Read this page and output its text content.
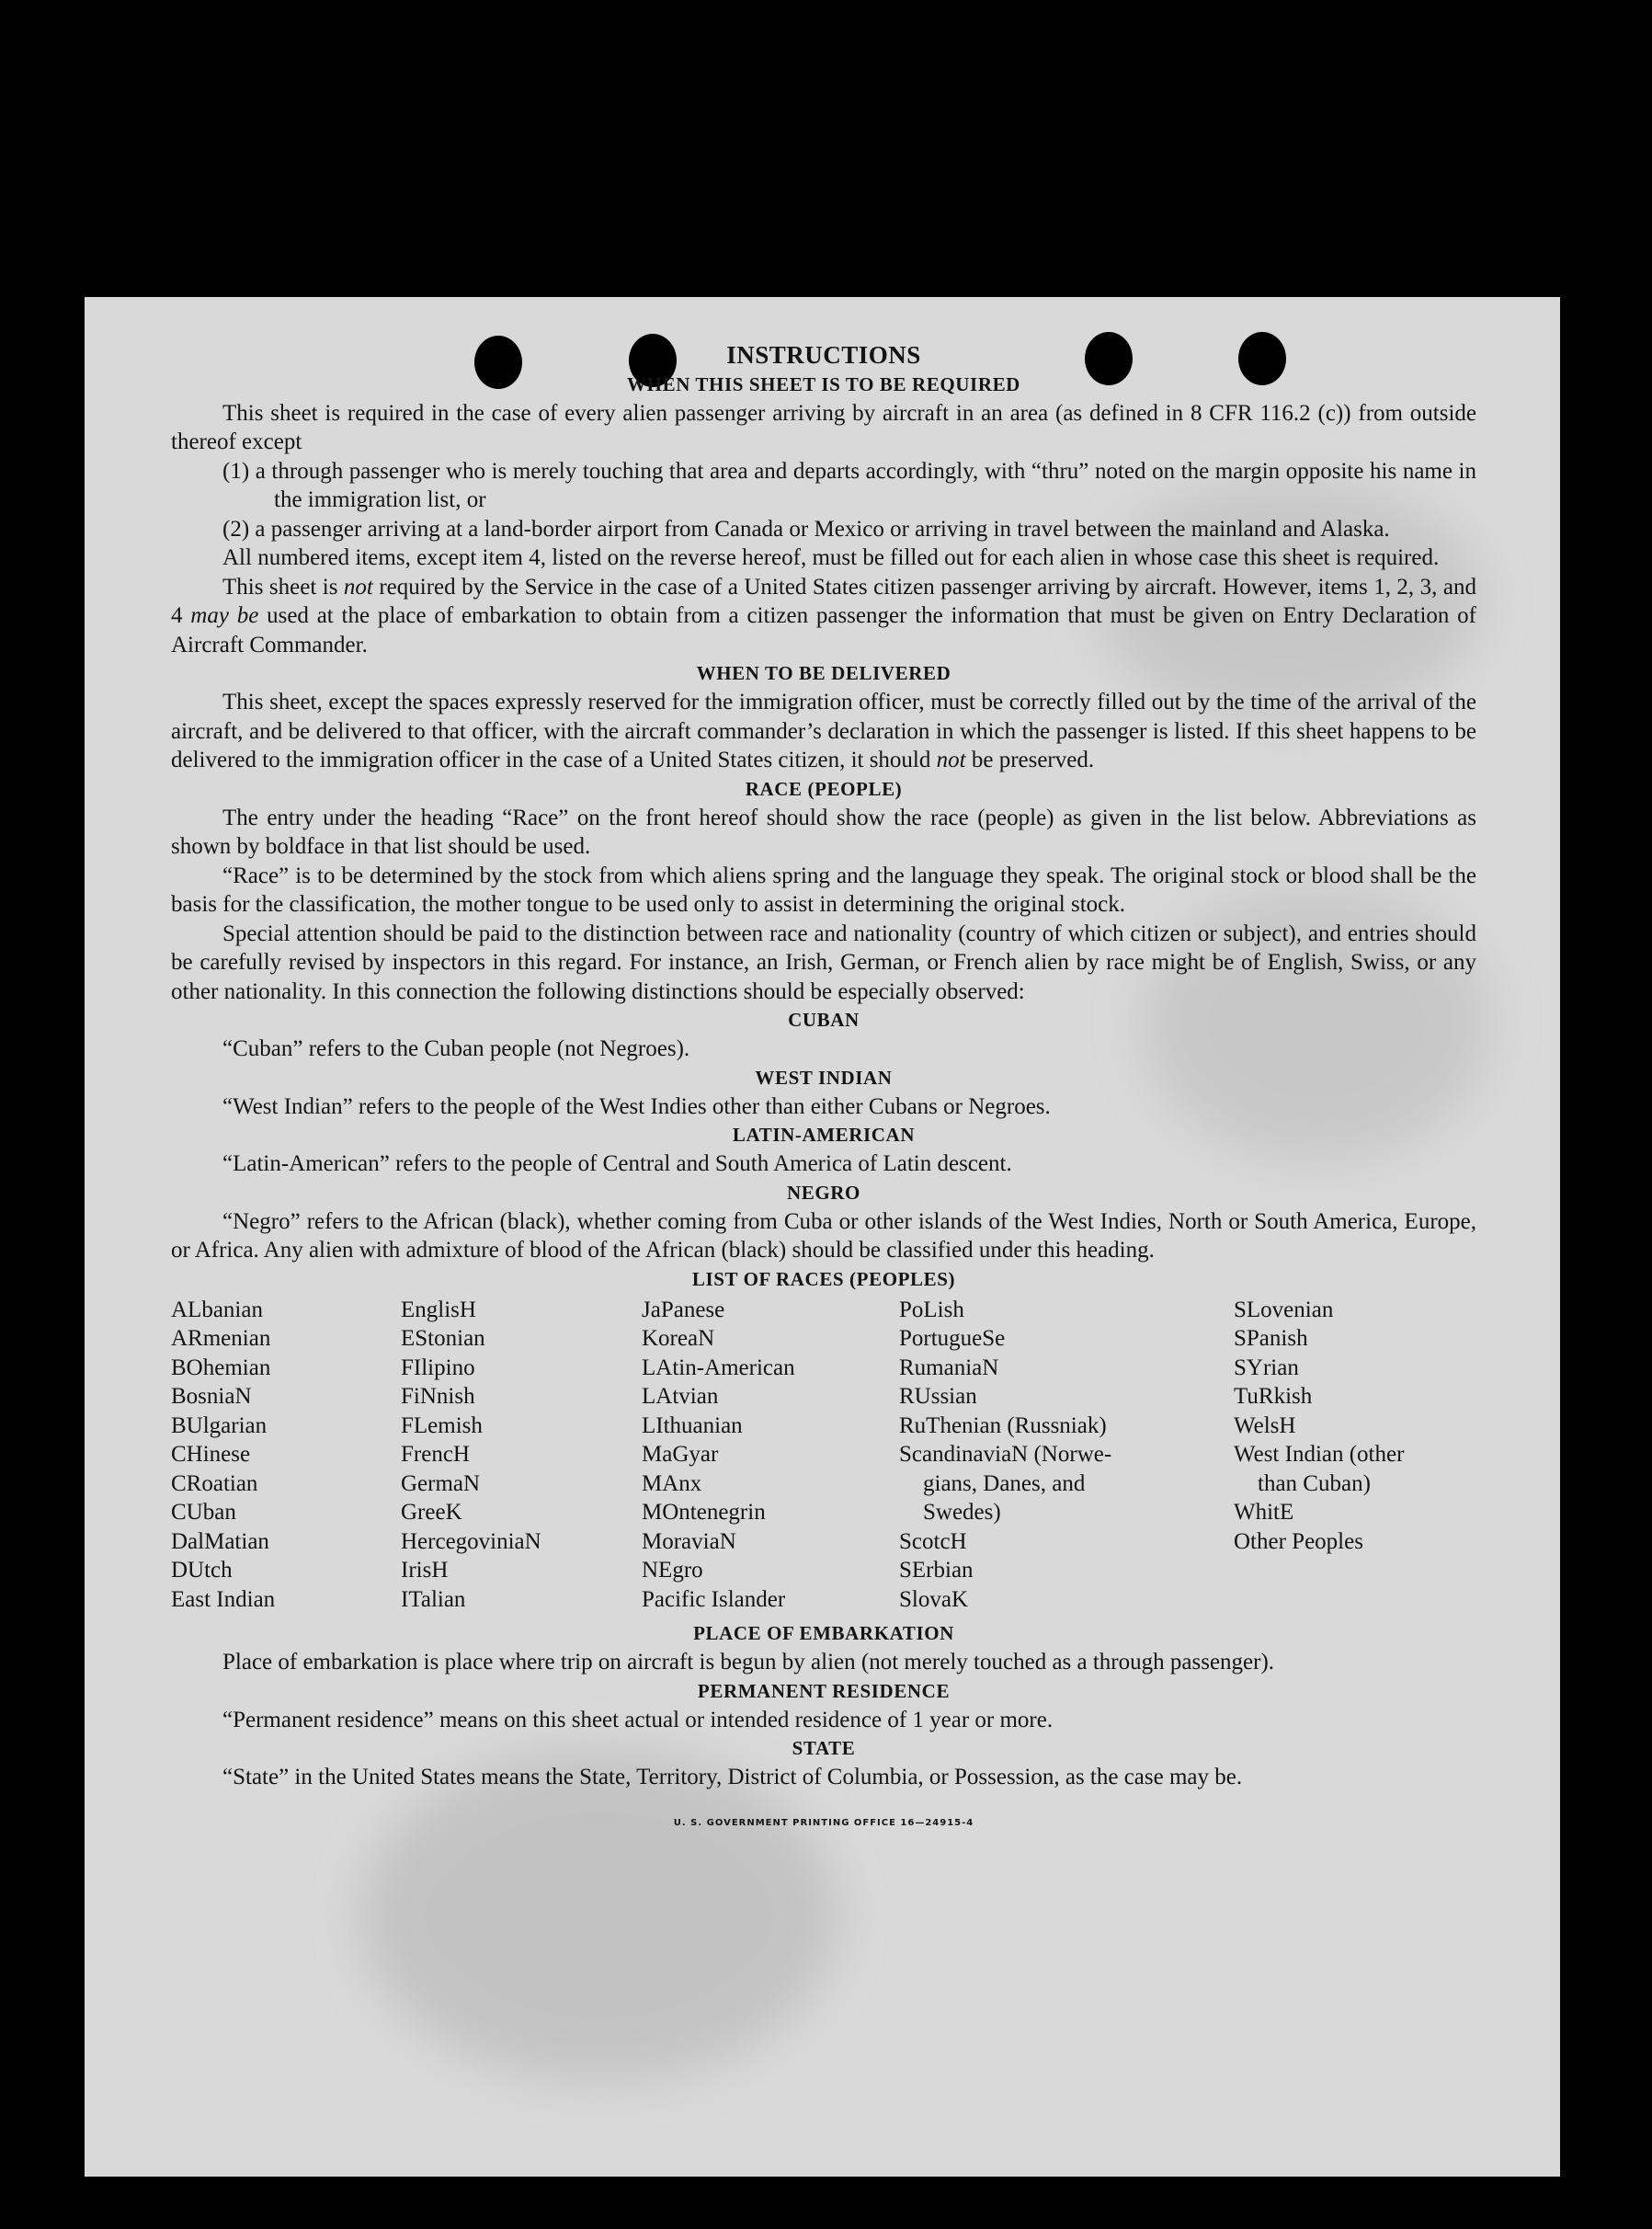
INSTRUCTIONS
WHEN THIS SHEET IS TO BE REQUIRED

This sheet is required in the case of every alien passenger arriving by aircraft in an area (as defined in 8 CFR 116.2 (c)) from outside thereof except

(1) a through passenger who is merely touching that area and departs accordingly, with “thru” noted on the margin opposite his name in the immigration list, or

(2) a passenger arriving at a land-border airport from Canada or Mexico or arriving in travel between the mainland and Alaska.

All numbered items, except item 4, listed on the reverse hereof, must be filled out for each alien in whose case this sheet is required.

This sheet is not required by the Service in the case of a United States citizen passenger arriving by aircraft. However, items 1, 2, 3, and 4 may be used at the place of embarkation to obtain from a citizen passenger the information that must be given on Entry Declaration of Aircraft Commander.

WHEN TO BE DELIVERED

This sheet, except the spaces expressly reserved for the immigration officer, must be correctly filled out by the time of the arrival of the aircraft, and be delivered to that officer, with the aircraft commander’s declaration in which the passenger is listed. If this sheet happens to be delivered to the immigration officer in the case of a United States citizen, it should not be preserved.

RACE (PEOPLE)

The entry under the heading “Race” on the front hereof should show the race (people) as given in the list below. Abbreviations as shown by boldface in that list should be used.

“Race” is to be determined by the stock from which aliens spring and the language they speak. The original stock or blood shall be the basis for the classification, the mother tongue to be used only to assist in determining the original stock.

Special attention should be paid to the distinction between race and nationality (country of which citizen or subject), and entries should be carefully revised by inspectors in this regard. For instance, an Irish, German, or French alien by race might be of English, Swiss, or any other nationality. In this connection the following distinctions should be especially observed:

CUBAN

“Cuban” refers to the Cuban people (not Negroes).

WEST INDIAN

“West Indian” refers to the people of the West Indies other than either Cubans or Negroes.

LATIN-AMERICAN

“Latin-American” refers to the people of Central and South America of Latin descent.

NEGRO

“Negro” refers to the African (black), whether coming from Cuba or other islands of the West Indies, North or South America, Europe, or Africa. Any alien with admixture of blood of the African (black) should be classified under this heading.

LIST OF RACES (PEOPLES)
ALbanian
ARmenian
BOhemian
BosniaN
BUlgarian
CHinese
CRoatian
CUban
DalMatian
DUtch
East Indian
EnglisH
EStonian
FIlipino
FiNnish
FLemish
FrencH
GermaN
GreeK
HercegoviniaN
IrisH
ITalian
JaPanese
KoreaN
LAtin-American
LAtvian
LIthuanian
MaGyar
MAnx
MOntenegrin
MoraviaN
NEgro
Pacific Islander
PoLish
PortugueSe
RumaniaN
RUssian
RuThenian (Russniak)
ScandinaviaN (Norwe-
gians, Danes, and
Swedes)
ScotcH
SErbian
SlovaK
SLovenian
SPanish
SYrian
TuRkish
WelsH
West Indian (other
than Cuban)
WhitE
Other Peoples
PLACE OF EMBARKATION

Place of embarkation is place where trip on aircraft is begun by alien (not merely touched as a through passenger).

PERMANENT RESIDENCE

“Permanent residence” means on this sheet actual or intended residence of 1 year or more.

STATE

“State” in the United States means the State, Territory, District of Columbia, or Possession, as the case may be.

U. S. GOVERNMENT PRINTING OFFICE 16—24915-4
